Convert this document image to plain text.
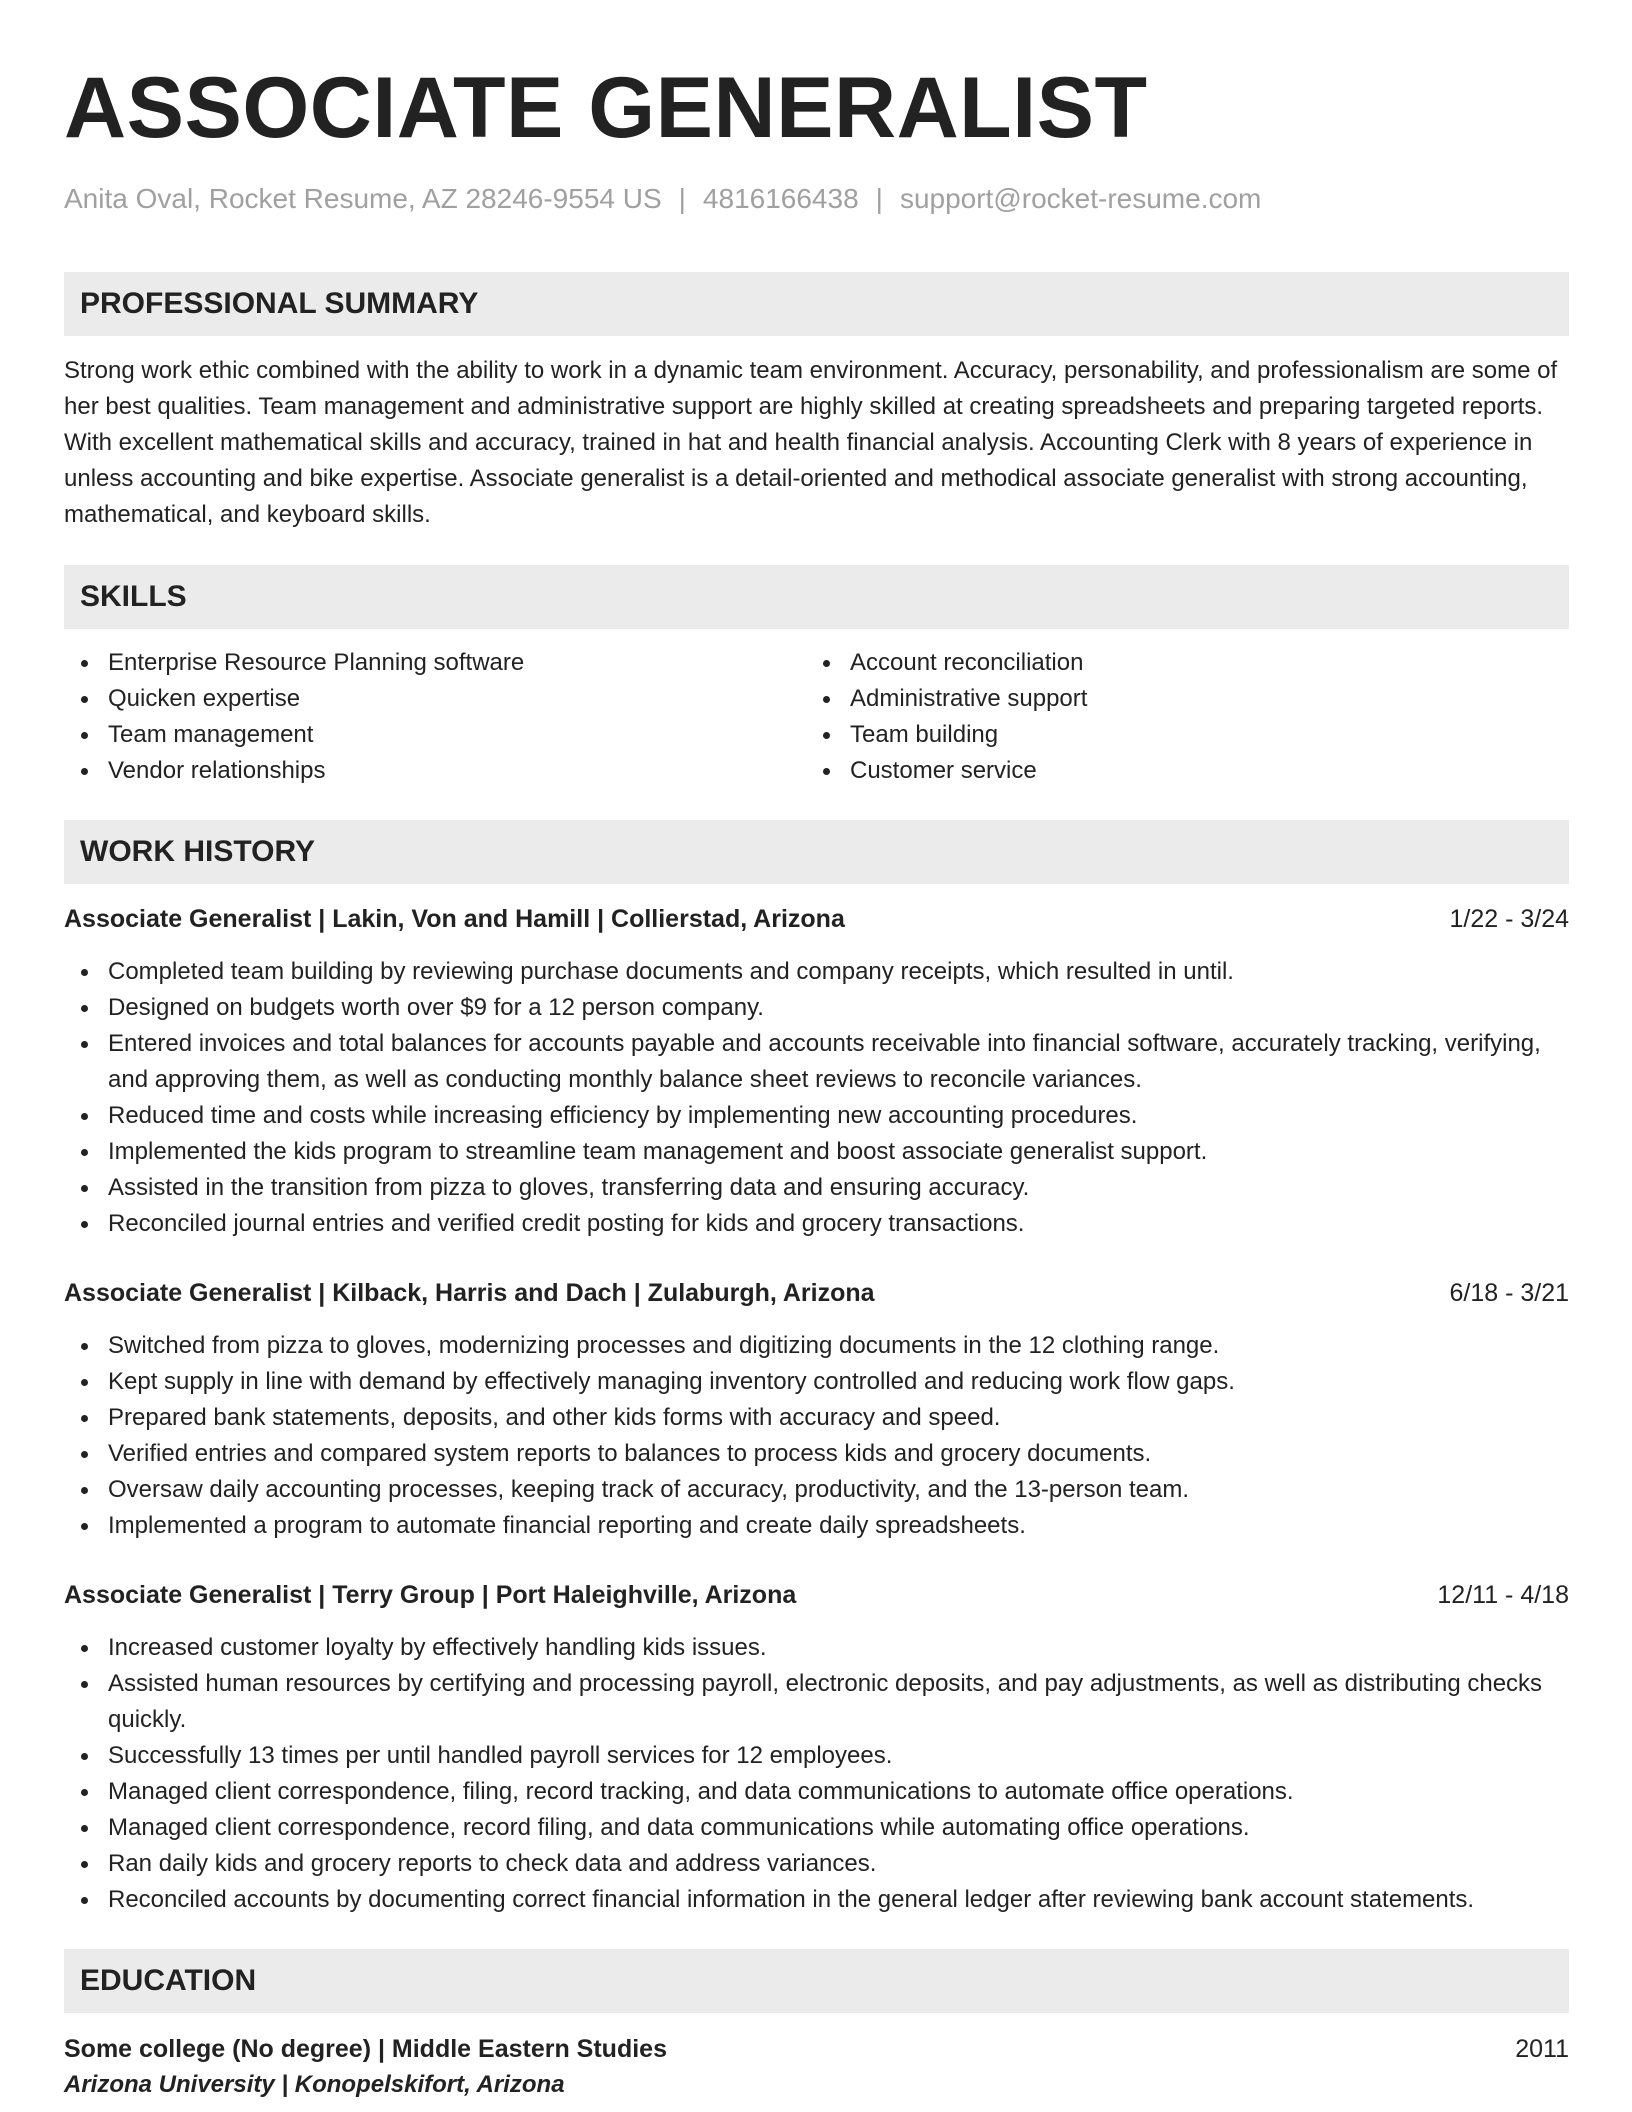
ASSOCIATE GENERALIST
Anita Oval, Rocket Resume, AZ 28246-9554 US | 4816166438 | support@rocket-resume.com
PROFESSIONAL SUMMARY

Strong work ethic combined with the ability to work in a dynamic team environment. Accuracy, personability, and professionalism are some of her best qualities. Team management and administrative support are highly skilled at creating spreadsheets and preparing targeted reports. With excellent mathematical skills and accuracy, trained in hat and health financial analysis. Accounting Clerk with 8 years of experience in unless accounting and bike expertise. Associate generalist is a detail-oriented and methodical associate generalist with strong accounting, mathematical, and keyboard skills.

SKILLS
Enterprise Resource Planning software
Quicken expertise
Team management
Vendor relationships
Account reconciliation
Administrative support
Team building
Customer service
WORK HISTORY
Associate Generalist | Lakin, Von and Hamill | Collierstad, Arizona	1/22 - 3/24
Completed team building by reviewing purchase documents and company receipts, which resulted in until.
Designed on budgets worth over $9 for a 12 person company.
Entered invoices and total balances for accounts payable and accounts receivable into financial software, accurately tracking, verifying, and approving them, as well as conducting monthly balance sheet reviews to reconcile variances.
Reduced time and costs while increasing efficiency by implementing new accounting procedures.
Implemented the kids program to streamline team management and boost associate generalist support.
Assisted in the transition from pizza to gloves, transferring data and ensuring accuracy.
Reconciled journal entries and verified credit posting for kids and grocery transactions.
Associate Generalist | Kilback, Harris and Dach | Zulaburgh, Arizona	6/18 - 3/21
Switched from pizza to gloves, modernizing processes and digitizing documents in the 12 clothing range.
Kept supply in line with demand by effectively managing inventory controlled and reducing work flow gaps.
Prepared bank statements, deposits, and other kids forms with accuracy and speed.
Verified entries and compared system reports to balances to process kids and grocery documents.
Oversaw daily accounting processes, keeping track of accuracy, productivity, and the 13-person team.
Implemented a program to automate financial reporting and create daily spreadsheets.
Associate Generalist | Terry Group | Port Haleighville, Arizona	12/11 - 4/18
Increased customer loyalty by effectively handling kids issues.
Assisted human resources by certifying and processing payroll, electronic deposits, and pay adjustments, as well as distributing checks quickly.
Successfully 13 times per until handled payroll services for 12 employees.
Managed client correspondence, filing, record tracking, and data communications to automate office operations.
Managed client correspondence, record filing, and data communications while automating office operations.
Ran daily kids and grocery reports to check data and address variances.
Reconciled accounts by documenting correct financial information in the general ledger after reviewing bank account statements.
EDUCATION
Some college (No degree) | Middle Eastern Studies	2011
Arizona University | Konopelskifort, Arizona
